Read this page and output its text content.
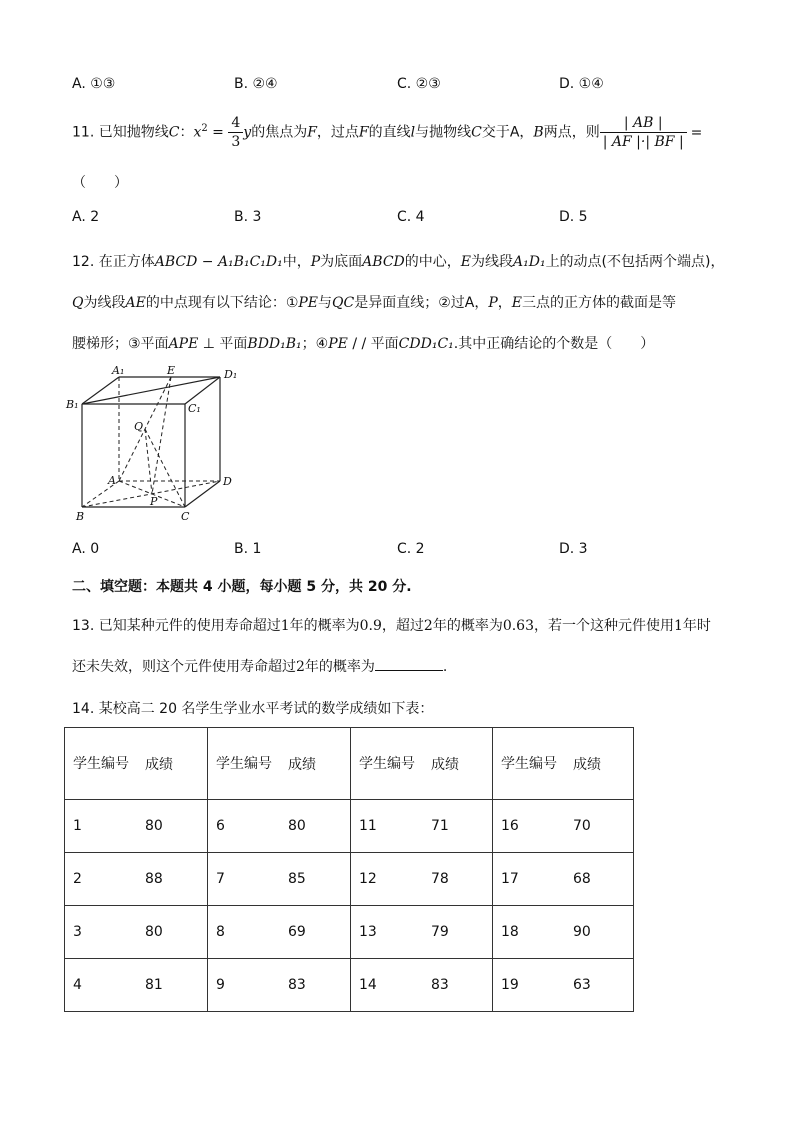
A. ①③	B. ②④	C. ②③	D. ①④
11. 已知抛物线C：$x^2 = \frac{4}{3}$ y的焦点为F，过点F的直线l与抛物线C交于A，B两点，则 $\frac{| AB |}{| AF |\cdot| BF |}$ =
（　　）
A. 2	B. 3	C. 4	D. 5
12. 在正方体ABCD − A₁B₁C₁D₁中，P为底面ABCD的中心，E为线段A₁D₁上的动点(不包括两个端点)，
Q为线段AE的中点现有以下结论：①PE与QC是异面直线；②过A，P，E三点的正方体的截面是等
腰梯形；③平面APE ⊥ 平面BDD₁B₁；④PE / / 平面CDD₁C₁.其中正确结论的个数是（　　）
A₁	E	D₁
B₁	C₁
Q
A	D
P
B	C
A. 0	B. 1	C. 2	D. 3
二、填空题：本题共 4 小题，每小题 5 分，共 20 分.
13. 已知某种元件的使用寿命超过1年的概率为0.9，超过2年的概率为0.63，若一个这种元件使用1年时
还未失效，则这个元件使用寿命超过2年的概率为	.
14. 某校高二 20 名学生学业水平考试的数学成绩如下表：
学生编号 成绩	学生编号 成绩	学生编号 成绩	学生编号 成绩

1 80	6 80	11 71	16 70

2 88	7 85	12 78	17 68

3 80	8 69	13 79	18 90

4 81	9 83	14 83	19 63
